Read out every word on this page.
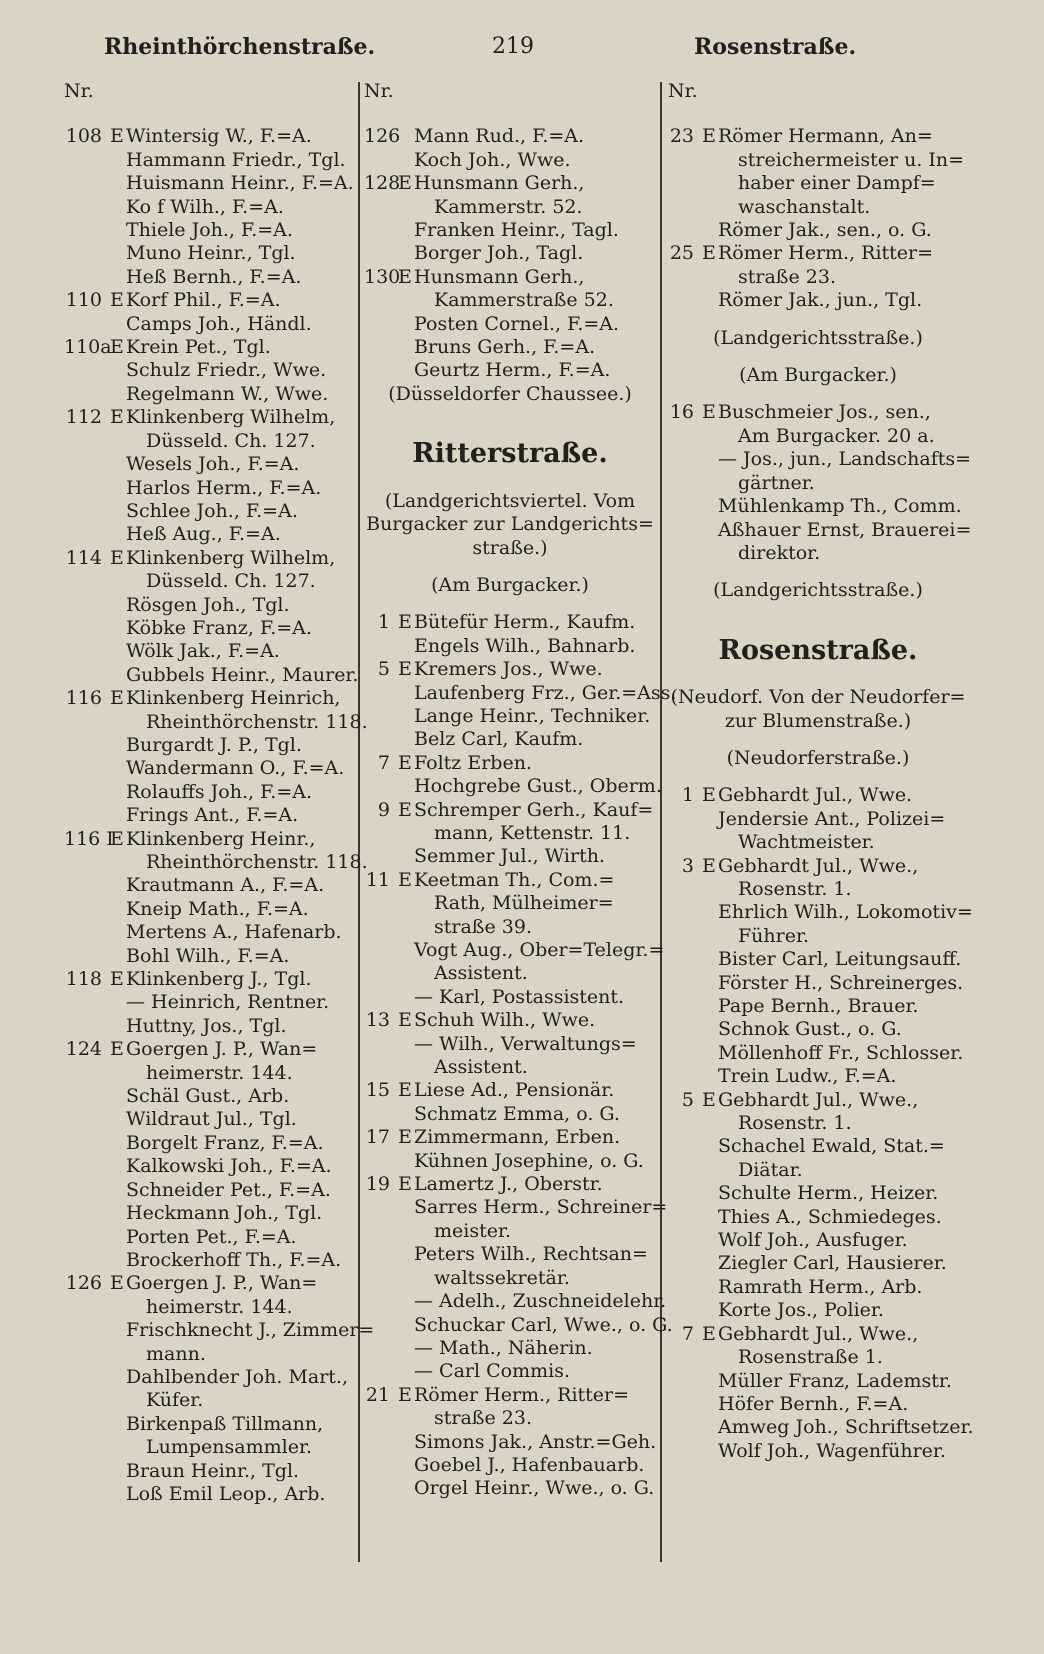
Rheinthörchenstraße.	219	Rosenstraße.
Nr.
108 E Wintersig W., F.=A.
Hammann Friedr., Tgl.
Huismann Heinr., F.=A.
Ko f Wilh., F.=A.
Thiele Joh., F.=A.
Muno Heinr., Tgl.
Heß Bernh., F.=A.
110 E Korf Phil., F.=A.
Camps Joh., Händl.
110aE Krein Pet., Tgl.
Schulz Friedr., Wwe.
Regelmann W., Wwe.
112 E Klinkenberg Wilhelm,
Düsseld. Ch. 127.
Wesels Joh., F.=A.
Harlos Herm., F.=A.
Schlee Joh., F.=A.
Heß Aug., F.=A.
114 E Klinkenberg Wilhelm,
Düsseld. Ch. 127.
Rösgen Joh., Tgl.
Köbke Franz, F.=A.
Wölk Jak., F.=A.
Gubbels Heinr., Maurer.
116 E Klinkenberg Heinrich,
Rheinthörchenstr. 118.
Burgardt J. P., Tgl.
Wandermann O., F.=A.
Rolauffs Joh., F.=A.
Frings Ant., F.=A.
116 IE Klinkenberg Heinr.,
Rheinthörchenstr. 118.
Krautmann A., F.=A.
Kneip Math., F.=A.
Mertens A., Hafenarb.
Bohl Wilh., F.=A.
118 E Klinkenberg J., Tgl.
— Heinrich, Rentner.
Huttny, Jos., Tgl.
124 E Goergen J. P., Wan=
heimerstr. 144.
Schäl Gust., Arb.
Wildraut Jul., Tgl.
Borgelt Franz, F.=A.
Kalkowski Joh., F.=A.
Schneider Pet., F.=A.
Heckmann Joh., Tgl.
Porten Pet., F.=A.
Brockerhoff Th., F.=A.
126 E Goergen J. P., Wan=
heimerstr. 144.
Frischknecht J., Zimmer=
mann.
Dahlbender Joh. Mart.,
Küfer.
Birkenpaß Tillmann,
Lumpensammler.
Braun Heinr., Tgl.
Loß Emil Leop., Arb.
Nr.
126 Mann Rud., F.=A.
Koch Joh., Wwe.
128E Hunsmann Gerh.,
Kammerstr. 52.
Franken Heinr., Tagl.
Borger Joh., Tagl.
130E Hunsmann Gerh.,
Kammerstraße 52.
Posten Cornel., F.=A.
Bruns Gerh., F.=A.
Geurtz Herm., F.=A.
(Düsseldorfer Chaussee.)
Ritterstraße.
(Landgerichtsviertel. Vom
Burgacker zur Landgerichts=
straße.)
(Am Burgacker.)
1 E Bütefür Herm., Kaufm.
Engels Wilh., Bahnarb.
5 E Kremers Jos., Wwe.
Laufenberg Frz., Ger.=Ass.
Lange Heinr., Techniker.
Belz Carl, Kaufm.
7 E Foltz Erben.
Hochgrebe Gust., Oberm.
9 E Schremper Gerh., Kauf=
mann, Kettenstr. 11.
Semmer Jul., Wirth.
11 E Keetman Th., Com.=
Rath, Mülheimer=
straße 39.
Vogt Aug., Ober=Telegr.=
Assistent.
— Karl, Postassistent.
13 E Schuh Wilh., Wwe.
— Wilh., Verwaltungs=
Assistent.
15 E Liese Ad., Pensionär.
Schmatz Emma, o. G.
17 E Zimmermann, Erben.
Kühnen Josephine, o. G.
19 E Lamertz J., Oberstr.
Sarres Herm., Schreiner=
meister.
Peters Wilh., Rechtsan=
waltssekretär.
— Adelh., Zuschneidelehr.
Schuckar Carl, Wwe., o. G.
— Math., Näherin.
— Carl Commis.
21 E Römer Herm., Ritter=
straße 23.
Simons Jak., Anstr.=Geh.
Goebel J., Hafenbauarb.
Orgel Heinr., Wwe., o. G.
Nr.
23 E Römer Hermann, An=
streichermeister u. In=
haber einer Dampf=
waschanstalt.
Römer Jak., sen., o. G.
25 E Römer Herm., Ritter=
straße 23.
Römer Jak., jun., Tgl.
(Landgerichtsstraße.)
(Am Burgacker.)
16 E Buschmeier Jos., sen.,
Am Burgacker. 20 a.
— Jos., jun., Landschafts=
gärtner.
Mühlenkamp Th., Comm.
Aßhauer Ernst, Brauerei=
direktor.
(Landgerichtsstraße.)
Rosenstraße.
(Neudorf. Von der Neudorfer=
zur Blumenstraße.)
(Neudorferstraße.)
1 E Gebhardt Jul., Wwe.
Jendersie Ant., Polizei=
Wachtmeister.
3 E Gebhardt Jul., Wwe.,
Rosenstr. 1.
Ehrlich Wilh., Lokomotiv=
Führer.
Bister Carl, Leitungsauff.
Förster H., Schreinerges.
Pape Bernh., Brauer.
Schnok Gust., o. G.
Möllenhoff Fr., Schlosser.
Trein Ludw., F.=A.
5 E Gebhardt Jul., Wwe.,
Rosenstr. 1.
Schachel Ewald, Stat.=
Diätar.
Schulte Herm., Heizer.
Thies A., Schmiedeges.
Wolf Joh., Ausfuger.
Ziegler Carl, Hausierer.
Ramrath Herm., Arb.
Korte Jos., Polier.
7 E Gebhardt Jul., Wwe.,
Rosenstraße 1.
Müller Franz, Lademstr.
Höfer Bernh., F.=A.
Amweg Joh., Schriftsetzer.
Wolf Joh., Wagenführer.
